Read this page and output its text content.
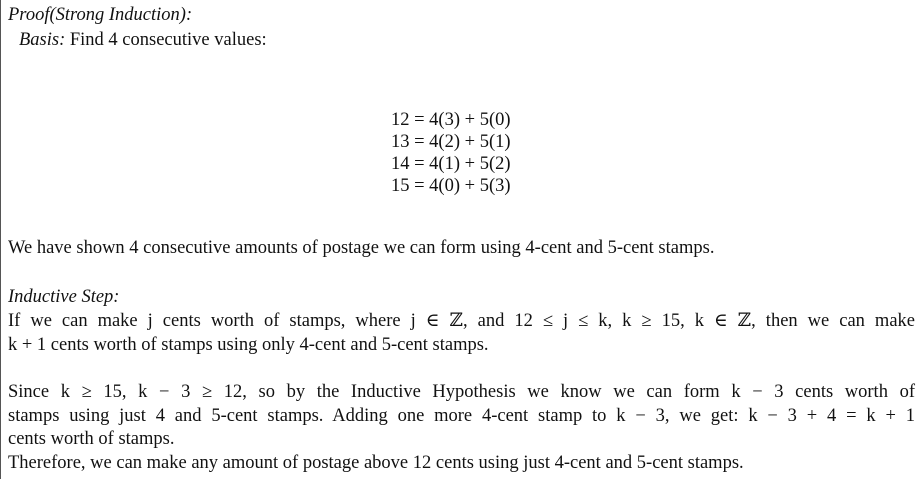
Proof(Strong Induction):
Basis: Find 4 consecutive values:
12 = 4(3) + 5(0)
13 = 4(2) + 5(1)
14 = 4(1) + 5(2)
15 = 4(0) + 5(3)
We have shown 4 consecutive amounts of postage we can form using 4-cent and 5-cent stamps.
Inductive Step:
If we can make j cents worth of stamps, where j ∈ ℤ, and 12 ≤ j ≤ k, k ≥ 15, k ∈ ℤ, then we can make
k + 1 cents worth of stamps using only 4-cent and 5-cent stamps.
Since k ≥ 15, k − 3 ≥ 12, so by the Inductive Hypothesis we know we can form k − 3 cents worth of
stamps using just 4 and 5-cent stamps. Adding one more 4-cent stamp to k − 3, we get: k − 3 + 4 = k + 1
cents worth of stamps.
Therefore, we can make any amount of postage above 12 cents using just 4-cent and 5-cent stamps.
